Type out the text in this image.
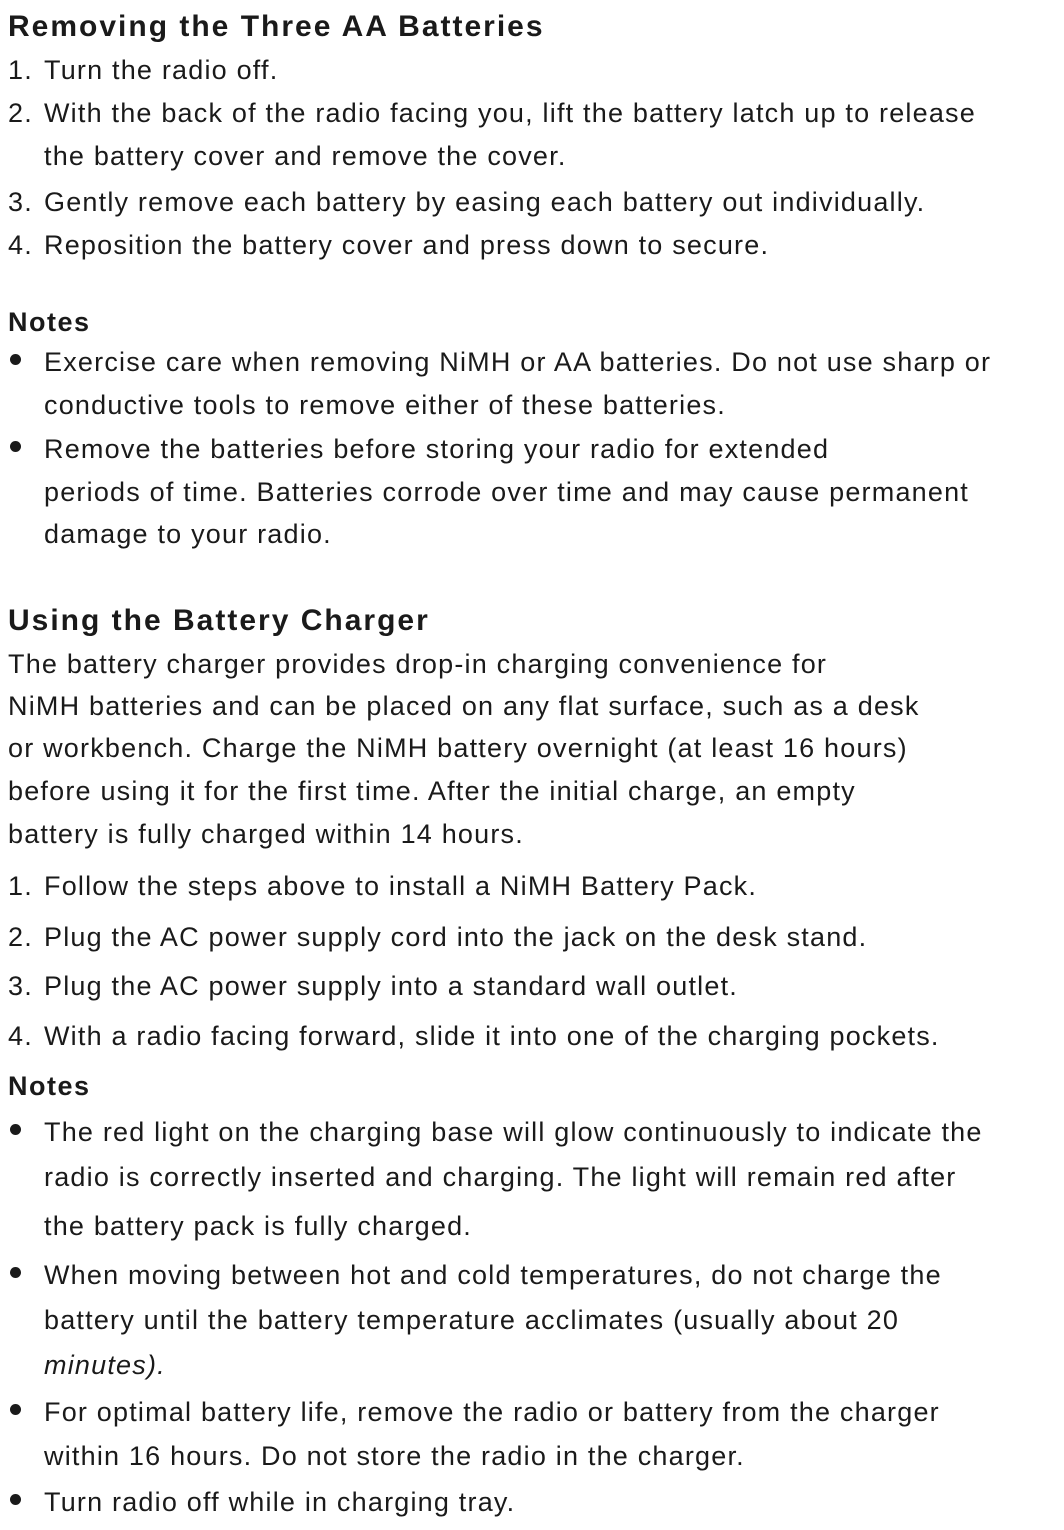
Removing the Three AA Batteries
1. Turn the radio off.

2. With the back of the radio facing you, lift the battery latch up to release

the battery cover and remove the cover.

3. Gently remove each battery by easing each battery out individually.

4. Reposition the battery cover and press down to secure.

Notes

Exercise care when removing NiMH or AA batteries. Do not use sharp or

conductive tools to remove either of these batteries.

Remove the batteries before storing your radio for extended

periods of time. Batteries corrode over time and may cause permanent

damage to your radio.

Using the Battery Charger

The battery charger provides drop-in charging convenience for

NiMH batteries and can be placed on any flat surface, such as a desk

or workbench. Charge the NiMH battery overnight (at least 16 hours)

before using it for the first time. After the initial charge, an empty

battery is fully charged within 14 hours.

1. Follow the steps above to install a NiMH Battery Pack.

2. Plug the AC power supply cord into the jack on the desk stand.

3. Plug the AC power supply into a standard wall outlet.

4. With a radio facing forward, slide it into one of the charging pockets.

Notes

The red light on the charging base will glow continuously to indicate the

radio is correctly inserted and charging. The light will remain red after

the battery pack is fully charged.

When moving between hot and cold temperatures, do not charge the

battery until the battery temperature acclimates (usually about 20

minutes).

For optimal battery life, remove the radio or battery from the charger

within 16 hours. Do not store the radio in the charger.

Turn radio off while in charging tray.
